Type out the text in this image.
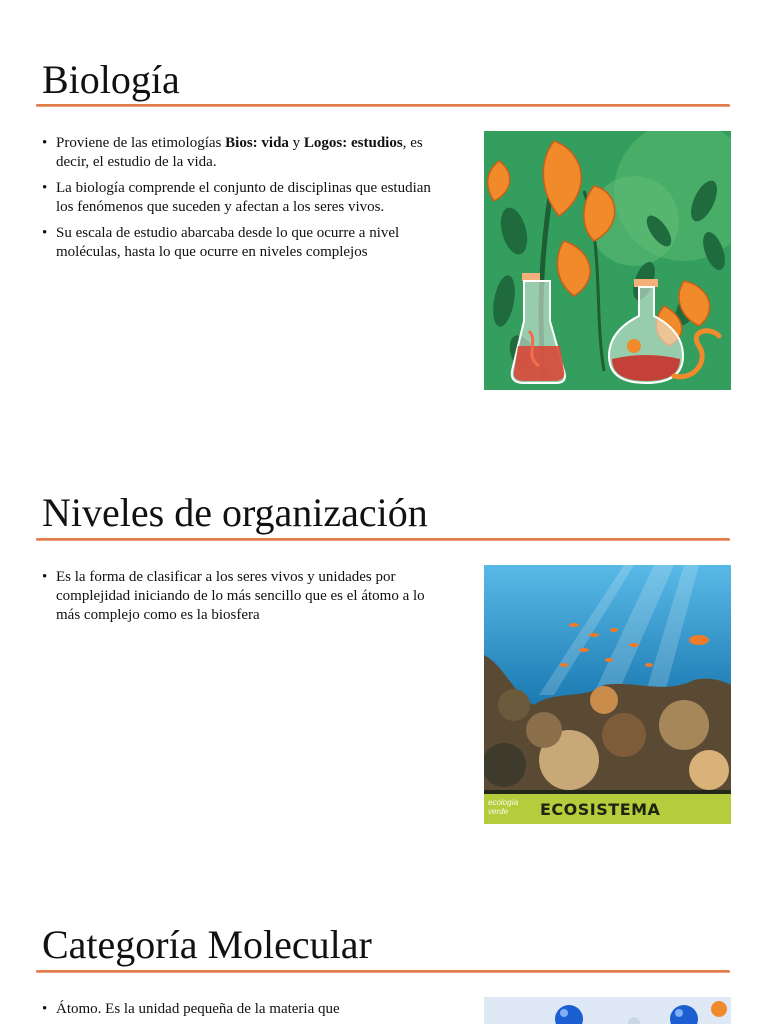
Biología
• Proviene de las etimologías Bios: vida y Logos: estudios, es decir, el estudio de la vida.
• La biología comprende el conjunto de disciplinas que estudian los fenómenos que suceden y afectan a los seres vivos.
• Su escala de estudio abarcaba desde lo que ocurre a nivel moléculas, hasta lo que ocurre en niveles complejos
Niveles de organización
• Es la forma de clasificar a los seres vivos y unidades por complejidad iniciando de lo más sencillo que es el átomo a lo más complejo como es la biosfera
ecología verde	ECOSISTEMA
Categoría Molecular
• Átomo. Es la unidad pequeña de la materia que
